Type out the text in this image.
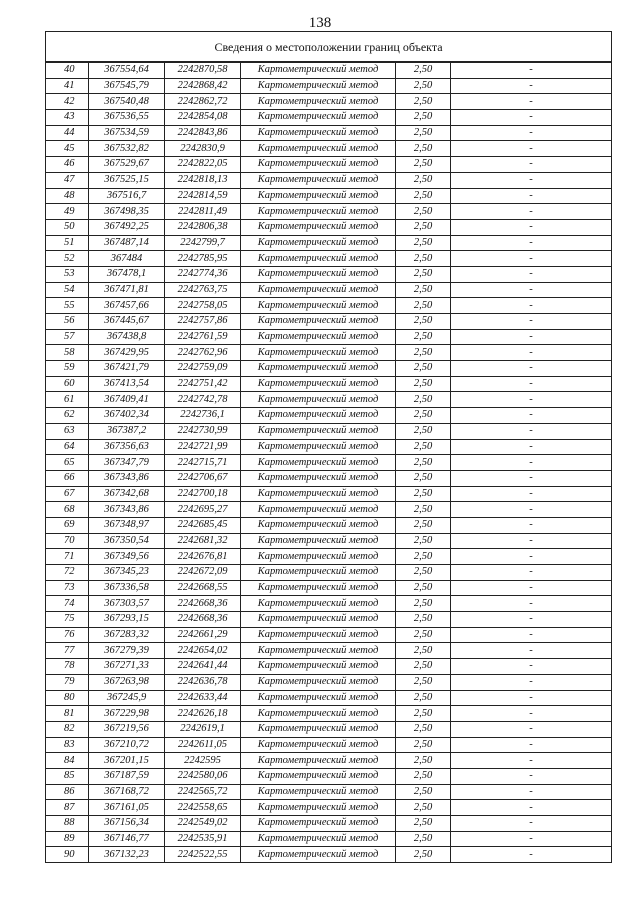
138
Сведения о местоположении границ объекта					
40	367554,64	2242870,58	Картометрический метод	2,50	-
41	367545,79	2242868,42	Картометрический метод	2,50	-
42	367540,48	2242862,72	Картометрический метод	2,50	-
43	367536,55	2242854,08	Картометрический метод	2,50	-
44	367534,59	2242843,86	Картометрический метод	2,50	-
45	367532,82	2242830,9	Картометрический метод	2,50	-
46	367529,67	2242822,05	Картометрический метод	2,50	-
47	367525,15	2242818,13	Картометрический метод	2,50	-
48	367516,7	2242814,59	Картометрический метод	2,50	-
49	367498,35	2242811,49	Картометрический метод	2,50	-
50	367492,25	2242806,38	Картометрический метод	2,50	-
51	367487,14	2242799,7	Картометрический метод	2,50	-
52	367484	2242785,95	Картометрический метод	2,50	-
53	367478,1	2242774,36	Картометрический метод	2,50	-
54	367471,81	2242763,75	Картометрический метод	2,50	-
55	367457,66	2242758,05	Картометрический метод	2,50	-
56	367445,67	2242757,86	Картометрический метод	2,50	-
57	367438,8	2242761,59	Картометрический метод	2,50	-
58	367429,95	2242762,96	Картометрический метод	2,50	-
59	367421,79	2242759,09	Картометрический метод	2,50	-
60	367413,54	2242751,42	Картометрический метод	2,50	-
61	367409,41	2242742,78	Картометрический метод	2,50	-
62	367402,34	2242736,1	Картометрический метод	2,50	-
63	367387,2	2242730,99	Картометрический метод	2,50	-
64	367356,63	2242721,99	Картометрический метод	2,50	-
65	367347,79	2242715,71	Картометрический метод	2,50	-
66	367343,86	2242706,67	Картометрический метод	2,50	-
67	367342,68	2242700,18	Картометрический метод	2,50	-
68	367343,86	2242695,27	Картометрический метод	2,50	-
69	367348,97	2242685,45	Картометрический метод	2,50	-
70	367350,54	2242681,32	Картометрический метод	2,50	-
71	367349,56	2242676,81	Картометрический метод	2,50	-
72	367345,23	2242672,09	Картометрический метод	2,50	-
73	367336,58	2242668,55	Картометрический метод	2,50	-
74	367303,57	2242668,36	Картометрический метод	2,50	-
75	367293,15	2242668,36	Картометрический метод	2,50	-
76	367283,32	2242661,29	Картометрический метод	2,50	-
77	367279,39	2242654,02	Картометрический метод	2,50	-
78	367271,33	2242641,44	Картометрический метод	2,50	-
79	367263,98	2242636,78	Картометрический метод	2,50	-
80	367245,9	2242633,44	Картометрический метод	2,50	-
81	367229,98	2242626,18	Картометрический метод	2,50	-
82	367219,56	2242619,1	Картометрический метод	2,50	-
83	367210,72	2242611,05	Картометрический метод	2,50	-
84	367201,15	2242595	Картометрический метод	2,50	-
85	367187,59	2242580,06	Картометрический метод	2,50	-
86	367168,72	2242565,72	Картометрический метод	2,50	-
87	367161,05	2242558,65	Картометрический метод	2,50	-
88	367156,34	2242549,02	Картометрический метод	2,50	-
89	367146,77	2242535,91	Картометрический метод	2,50	-
90	367132,23	2242522,55	Картометрический метод	2,50	-
